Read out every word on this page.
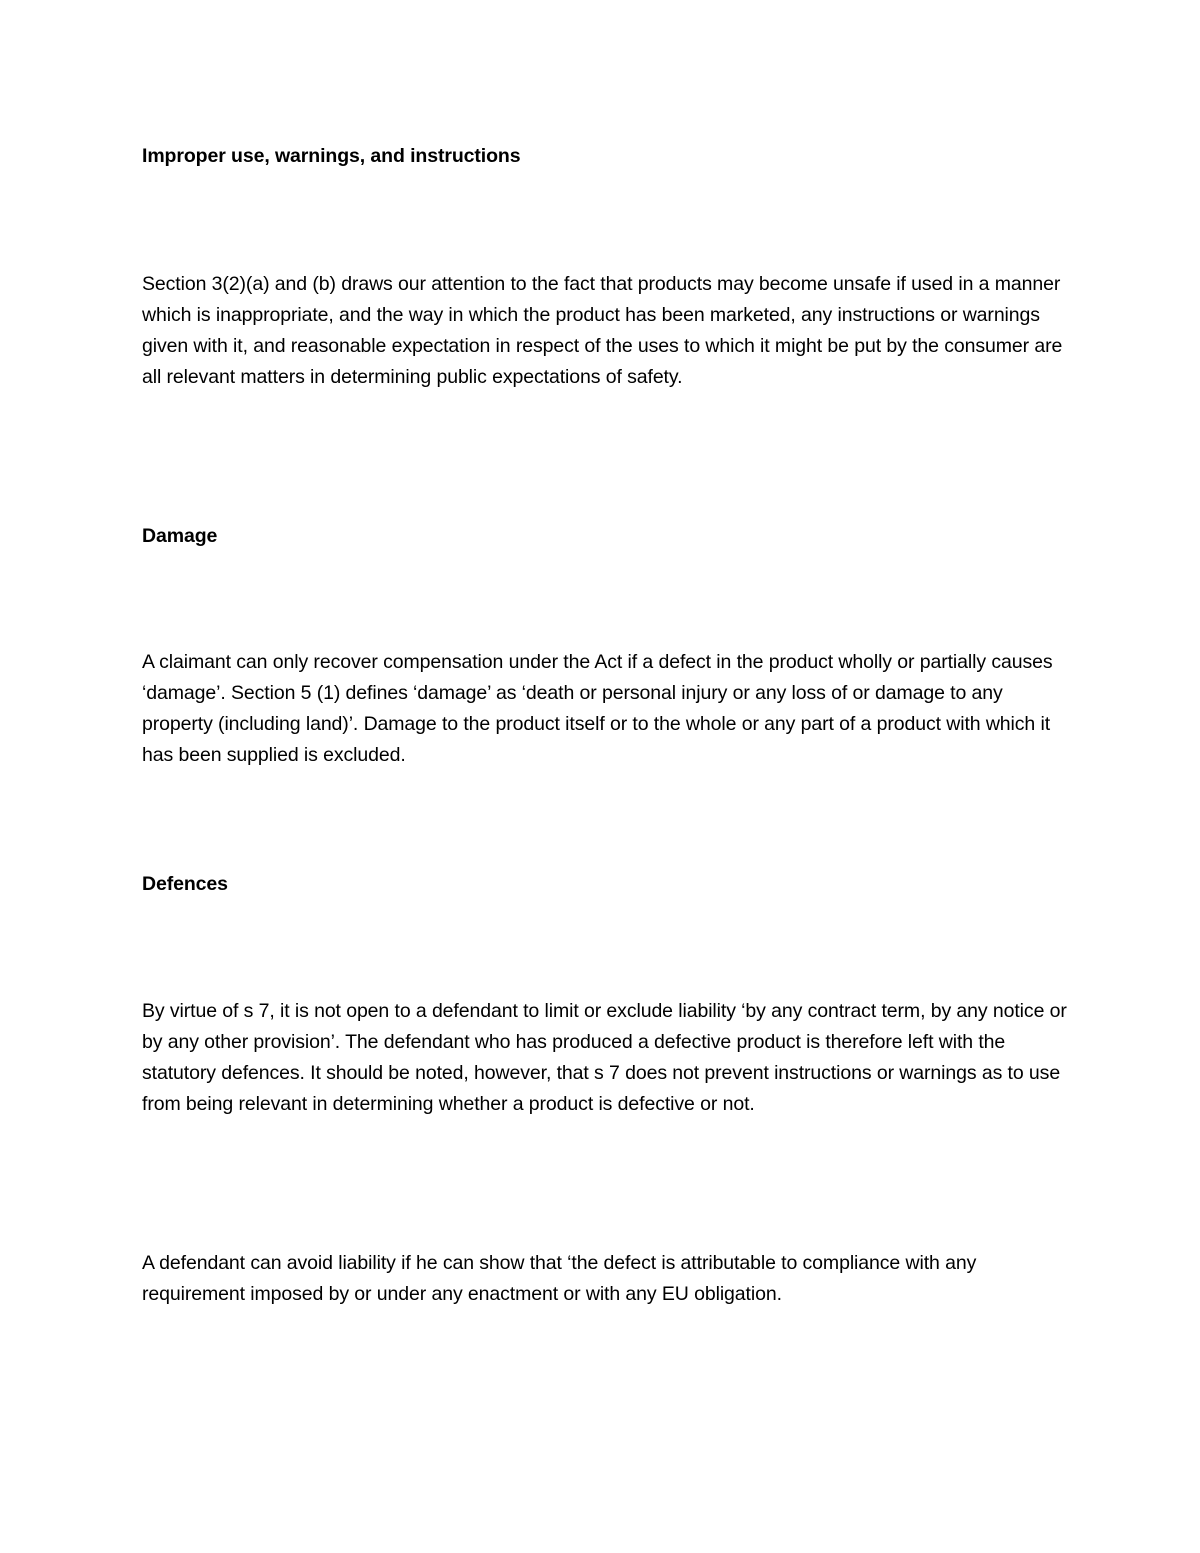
Improper use, warnings, and instructions

Section 3(2)(a) and (b) draws our attention to the fact that products may become unsafe if used in a manner which is inappropriate, and the way in which the product has been marketed, any instructions or warnings given with it, and reasonable expectation in respect of the uses to which it might be put by the consumer are all relevant matters in determining public expectations of safety.

Damage

A claimant can only recover compensation under the Act if a defect in the product wholly or partially causes ‘damage’. Section 5 (1) defines ‘damage’ as ‘death or personal injury or any loss of or damage to any property (including land)’. Damage to the product itself or to the whole or any part of a product with which it has been supplied is excluded.

Defences

By virtue of s 7, it is not open to a defendant to limit or exclude liability ‘by any contract term, by any notice or by any other provision’. The defendant who has produced a defective product is therefore left with the statutory defences. It should be noted, however, that s 7 does not prevent instructions or warnings as to use from being relevant in determining whether a product is defective or not.

A defendant can avoid liability if he can show that ‘the defect is attributable to compliance with any requirement imposed by or under any enactment or with any EU obligation.
